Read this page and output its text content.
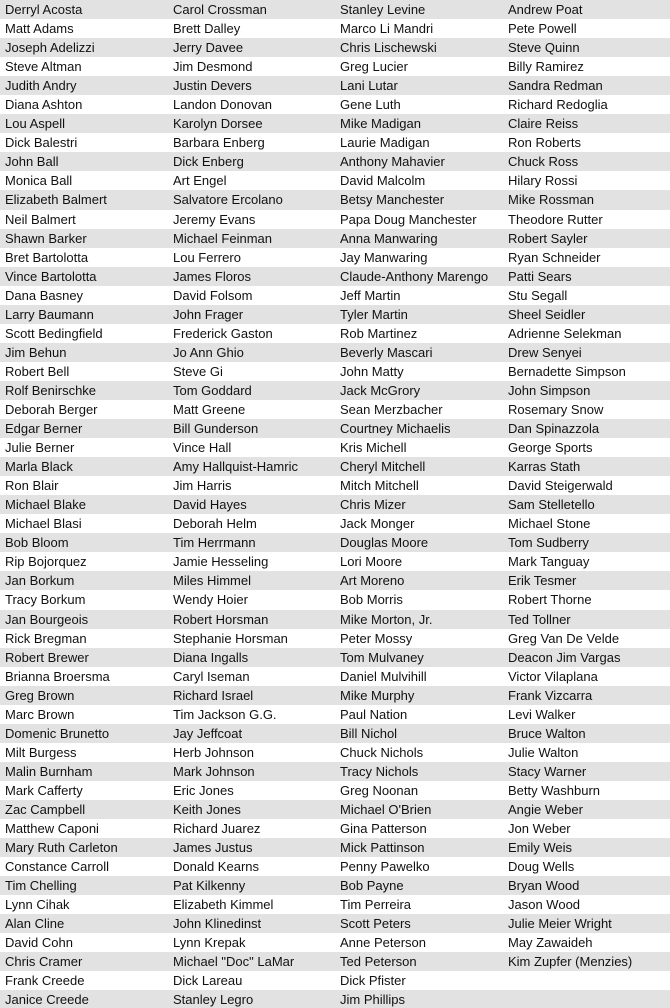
Derryl Acosta	Carol Crossman	Stanley Levine	Andrew Poat
Matt Adams	Brett Dalley	Marco Li Mandri	Pete Powell
Joseph Adelizzi	Jerry Davee	Chris Lischewski	Steve Quinn
Steve Altman	Jim Desmond	Greg Lucier	Billy Ramirez
Judith Andry	Justin Devers	Lani Lutar	Sandra Redman
Diana Ashton	Landon Donovan	Gene Luth	Richard Redoglia
Lou Aspell	Karolyn Dorsee	Mike Madigan	Claire Reiss
Dick Balestri	Barbara Enberg	Laurie Madigan	Ron Roberts
John Ball	Dick Enberg	Anthony Mahavier	Chuck Ross
Monica Ball	Art Engel	David Malcolm	Hilary Rossi
Elizabeth Balmert	Salvatore Ercolano	Betsy Manchester	Mike Rossman
Neil Balmert	Jeremy Evans	Papa Doug Manchester	Theodore Rutter
Shawn Barker	Michael Feinman	Anna Manwaring	Robert Sayler
Bret Bartolotta	Lou Ferrero	Jay Manwaring	Ryan Schneider
Vince Bartolotta	James Floros	Claude-Anthony Marengo	Patti Sears
Dana Basney	David Folsom	Jeff Martin	Stu Segall
Larry Baumann	John Frager	Tyler Martin	Sheel Seidler
Scott Bedingfield	Frederick Gaston	Rob Martinez	Adrienne Selekman
Jim Behun	Jo Ann Ghio	Beverly Mascari	Drew Senyei
Robert Bell	Steve Gi	John Matty	Bernadette Simpson
Rolf Benirschke	Tom Goddard	Jack McGrory	John Simpson
Deborah Berger	Matt Greene	Sean Merzbacher	Rosemary Snow
Edgar Berner	Bill Gunderson	Courtney Michaelis	Dan Spinazzola
Julie Berner	Vince Hall	Kris Michell	George Sports
Marla Black	Amy Hallquist-Hamric	Cheryl Mitchell	Karras Stath
Ron Blair	Jim Harris	Mitch Mitchell	David Steigerwald
Michael Blake	David Hayes	Chris Mizer	Sam Stelletello
Michael Blasi	Deborah Helm	Jack Monger	Michael Stone
Bob Bloom	Tim Herrmann	Douglas Moore	Tom Sudberry
Rip Bojorquez	Jamie Hesseling	Lori Moore	Mark Tanguay
Jan Borkum	Miles Himmel	Art Moreno	Erik Tesmer
Tracy Borkum	Wendy Hoier	Bob Morris	Robert Thorne
Jan Bourgeois	Robert Horsman	Mike Morton, Jr.	Ted Tollner
Rick Bregman	Stephanie Horsman	Peter Mossy	Greg Van De Velde
Robert Brewer	Diana Ingalls	Tom Mulvaney	Deacon Jim Vargas
Brianna Broersma	Caryl Iseman	Daniel Mulvihill	Victor Vilaplana
Greg Brown	Richard Israel	Mike Murphy	Frank Vizcarra
Marc Brown	Tim Jackson G.G.	Paul Nation	Levi Walker
Domenic Brunetto	Jay Jeffcoat	Bill Nichol	Bruce Walton
Milt Burgess	Herb Johnson	Chuck Nichols	Julie Walton
Malin Burnham	Mark Johnson	Tracy Nichols	Stacy Warner
Mark Cafferty	Eric Jones	Greg Noonan	Betty Washburn
Zac Campbell	Keith Jones	Michael O'Brien	Angie Weber
Matthew Caponi	Richard Juarez	Gina Patterson	Jon Weber
Mary Ruth Carleton	James Justus	Mick Pattinson	Emily Weis
Constance Carroll	Donald Kearns	Penny Pawelko	Doug Wells
Tim Chelling	Pat Kilkenny	Bob Payne	Bryan Wood
Lynn Cihak	Elizabeth Kimmel	Tim Perreira	Jason Wood
Alan Cline	John Klinedinst	Scott Peters	Julie Meier Wright
David Cohn	Lynn Krepak	Anne Peterson	May Zawaideh
Chris Cramer	Michael "Doc" LaMar	Ted Peterson	Kim Zupfer (Menzies)
Frank Creede	Dick Lareau	Dick Pfister
Janice Creede	Stanley Legro	Jim Phillips
